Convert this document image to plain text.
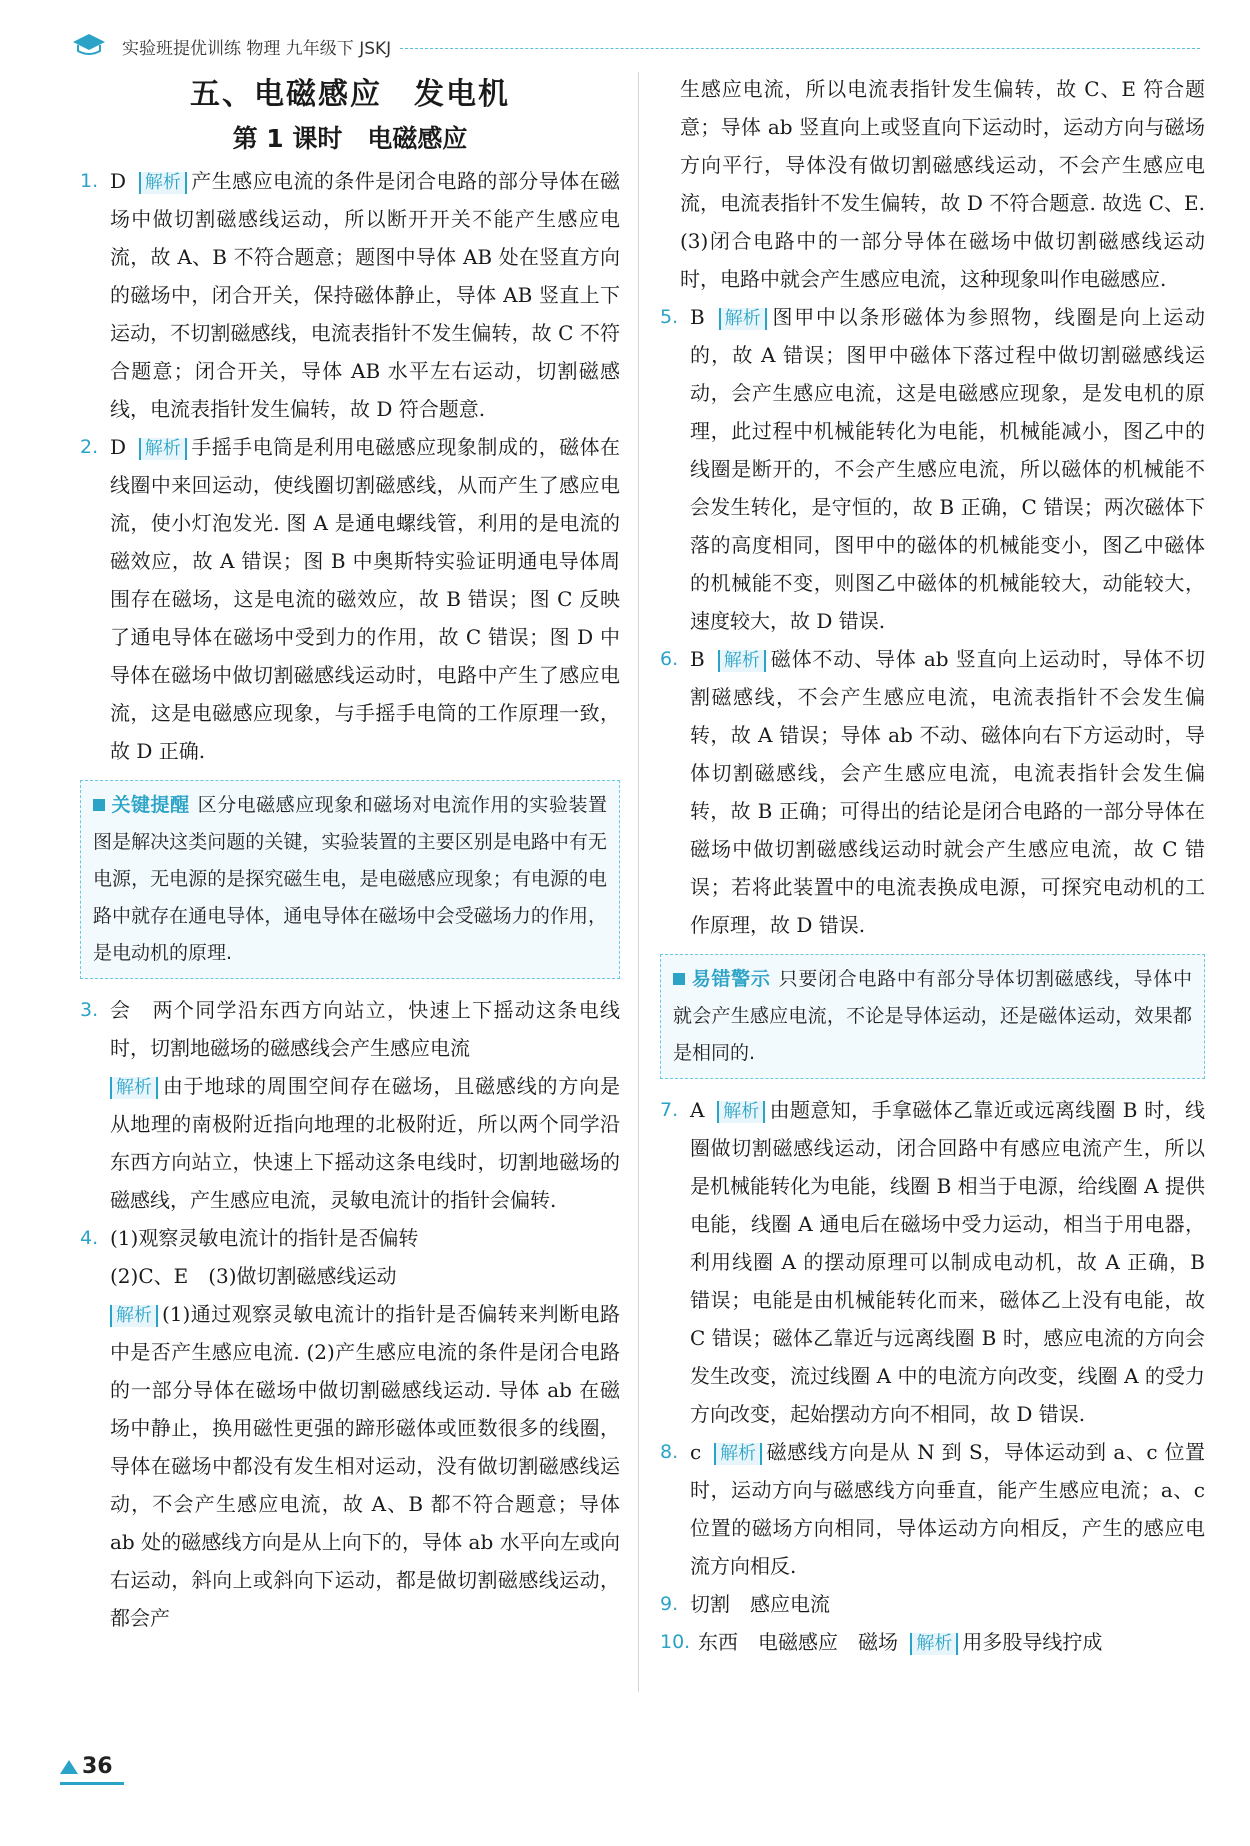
实验班提优训练 物理 九年级下 JSKJ
五、电磁感应　发电机
第 1 课时　电磁感应
1. D 解析 产生感应电流的条件是闭合电路的部分导体在磁场中做切割磁感线运动，所以断开开关不能产生感应电流，故 A、B 不符合题意；题图中导体 AB 处在竖直方向的磁场中，闭合开关，保持磁体静止，导体 AB 竖直上下运动，不切割磁感线，电流表指针不发生偏转，故 C 不符合题意；闭合开关，导体 AB 水平左右运动，切割磁感线，电流表指针发生偏转，故 D 符合题意.
2. D 解析 手摇手电筒是利用电磁感应现象制成的，磁体在线圈中来回运动，使线圈切割磁感线，从而产生了感应电流，使小灯泡发光. 图 A 是通电螺线管，利用的是电流的磁效应，故 A 错误；图 B 中奥斯特实验证明通电导体周围存在磁场，这是电流的磁效应，故 B 错误；图 C 反映了通电导体在磁场中受到力的作用，故 C 错误；图 D 中导体在磁场中做切割磁感线运动时，电路中产生了感应电流，这是电磁感应现象，与手摇手电筒的工作原理一致，故 D 正确.
关键提醒 区分电磁感应现象和磁场对电流作用的实验装置图是解决这类问题的关键，实验装置的主要区别是电路中有无电源，无电源的是探究磁生电，是电磁感应现象；有电源的电路中就存在通电导体，通电导体在磁场中会受磁场力的作用，是电动机的原理.
3. 会　两个同学沿东西方向站立，快速上下摇动这条电线时，切割地磁场的磁感线会产生感应电流
解析 由于地球的周围空间存在磁场，且磁感线的方向是从地理的南极附近指向地理的北极附近，所以两个同学沿东西方向站立，快速上下摇动这条电线时，切割地磁场的磁感线，产生感应电流，灵敏电流计的指针会偏转.
4. (1)观察灵敏电流计的指针是否偏转
(2)C、E　(3)做切割磁感线运动
解析 (1)通过观察灵敏电流计的指针是否偏转来判断电路中是否产生感应电流. (2)产生感应电流的条件是闭合电路的一部分导体在磁场中做切割磁感线运动. 导体 ab 在磁场中静止，换用磁性更强的蹄形磁体或匝数很多的线圈，导体在磁场中都没有发生相对运动，没有做切割磁感线运动，不会产生感应电流，故 A、B 都不符合题意；导体 ab 处的磁感线方向是从上向下的，导体 ab 水平向左或向右运动，斜向上或斜向下运动，都是做切割磁感线运动，都会产
生感应电流，所以电流表指针发生偏转，故 C、E 符合题意；导体 ab 竖直向上或竖直向下运动时，运动方向与磁场方向平行，导体没有做切割磁感线运动，不会产生感应电流，电流表指针不发生偏转，故 D 不符合题意. 故选 C、E. (3)闭合电路中的一部分导体在磁场中做切割磁感线运动时，电路中就会产生感应电流，这种现象叫作电磁感应.
5. B 解析 图甲中以条形磁体为参照物，线圈是向上运动的，故 A 错误；图甲中磁体下落过程中做切割磁感线运动，会产生感应电流，这是电磁感应现象，是发电机的原理，此过程中机械能转化为电能，机械能减小，图乙中的线圈是断开的，不会产生感应电流，所以磁体的机械能不会发生转化，是守恒的，故 B 正确，C 错误；两次磁体下落的高度相同，图甲中的磁体的机械能变小，图乙中磁体的机械能不变，则图乙中磁体的机械能较大，动能较大，速度较大，故 D 错误.
6. B 解析 磁体不动、导体 ab 竖直向上运动时，导体不切割磁感线，不会产生感应电流，电流表指针不会发生偏转，故 A 错误；导体 ab 不动、磁体向右下方运动时，导体切割磁感线，会产生感应电流，电流表指针会发生偏转，故 B 正确；可得出的结论是闭合电路的一部分导体在磁场中做切割磁感线运动时就会产生感应电流，故 C 错误；若将此装置中的电流表换成电源，可探究电动机的工作原理，故 D 错误.
易错警示 只要闭合电路中有部分导体切割磁感线，导体中就会产生感应电流，不论是导体运动，还是磁体运动，效果都是相同的.
7. A 解析 由题意知，手拿磁体乙靠近或远离线圈 B 时，线圈做切割磁感线运动，闭合回路中有感应电流产生，所以是机械能转化为电能，线圈 B 相当于电源，给线圈 A 提供电能，线圈 A 通电后在磁场中受力运动，相当于用电器，利用线圈 A 的摆动原理可以制成电动机，故 A 正确，B 错误；电能是由机械能转化而来，磁体乙上没有电能，故 C 错误；磁体乙靠近与远离线圈 B 时，感应电流的方向会发生改变，流过线圈 A 中的电流方向改变，线圈 A 的受力方向改变，起始摆动方向不相同，故 D 错误.
8. c 解析 磁感线方向是从 N 到 S，导体运动到 a、c 位置时，运动方向与磁感线方向垂直，能产生感应电流；a、c 位置的磁场方向相同，导体运动方向相反，产生的感应电流方向相反.
9. 切割　感应电流
10. 东西　电磁感应　磁场 解析 用多股导线拧成
36
